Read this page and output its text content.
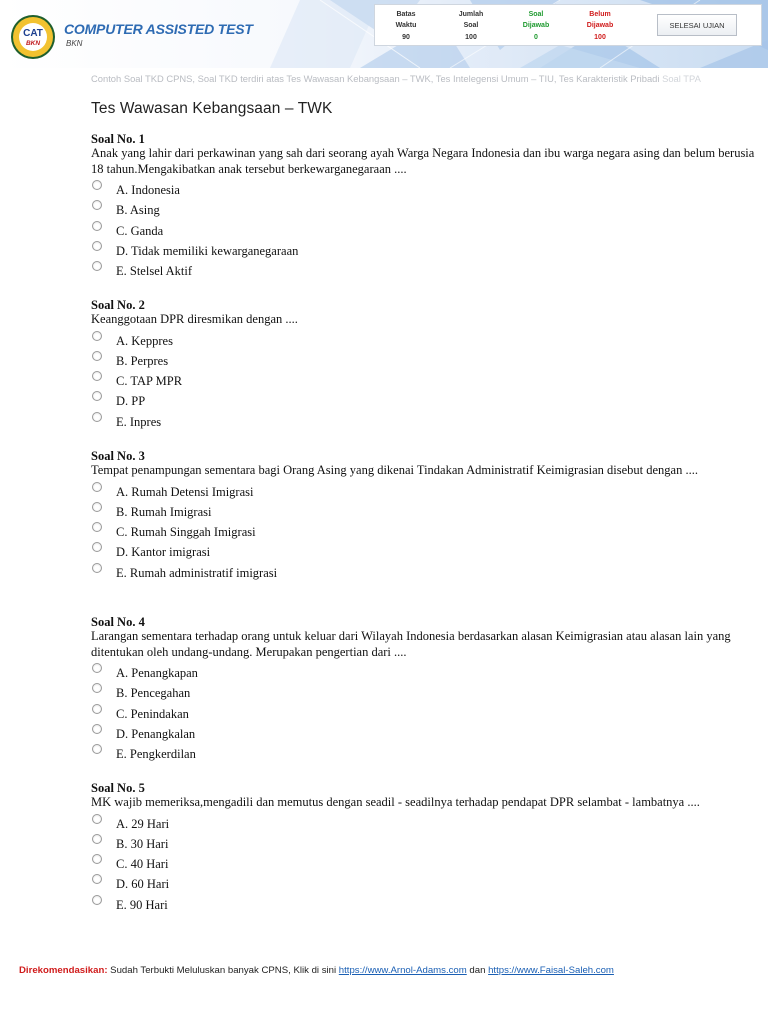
CAT
BKN
COMPUTER ASSISTED TEST
BKN
Batas
Waktu
90
Jumlah
Soal
100
Soal
Dijawab
0
Belum
Dijawab
100
SELESAI UJIAN
Contoh Soal TKD CPNS, Soal TKD terdiri atas Tes Wawasan Kebangsaan – TWK, Tes Intelegensi Umum – TIU, Tes Karakteristik Pribadi Soal TPA
Tes Wawasan Kebangsaan – TWK
Soal No. 1
Anak yang lahir dari perkawinan yang sah dari seorang ayah Warga Negara Indonesia dan ibu warga negara asing dan belum berusia 18 tahun.Mengakibatkan anak tersebut berkewarganegaraan ....
A. Indonesia
B. Asing
C. Ganda
D. Tidak memiliki kewarganegaraan
E. Stelsel Aktif
Soal No. 2
Keanggotaan DPR diresmikan dengan ....
A. Keppres
B. Perpres
C. TAP MPR
D. PP
E. Inpres
Soal No. 3
Tempat penampungan sementara bagi Orang Asing yang dikenai Tindakan Administratif Keimigrasian disebut dengan ....
A. Rumah Detensi Imigrasi
B. Rumah Imigrasi
C. Rumah Singgah Imigrasi
D. Kantor imigrasi
E. Rumah administratif imigrasi
Soal No. 4
Larangan sementara terhadap orang untuk keluar dari Wilayah Indonesia berdasarkan alasan Keimigrasian atau alasan lain yang ditentukan oleh undang-undang. Merupakan pengertian dari ....
A. Penangkapan
B. Pencegahan
C. Penindakan
D. Penangkalan
E. Pengkerdilan
Soal No. 5
MK wajib memeriksa,mengadili dan memutus dengan seadil - seadilnya terhadap pendapat DPR selambat - lambatnya ....
A. 29 Hari
B. 30 Hari
C. 40 Hari
D. 60 Hari
E. 90 Hari
Direkomendasikan: Sudah Terbukti Meluluskan banyak CPNS, Klik di sini https://www.Arnol-Adams.com dan https://www.Faisal-Saleh.com
